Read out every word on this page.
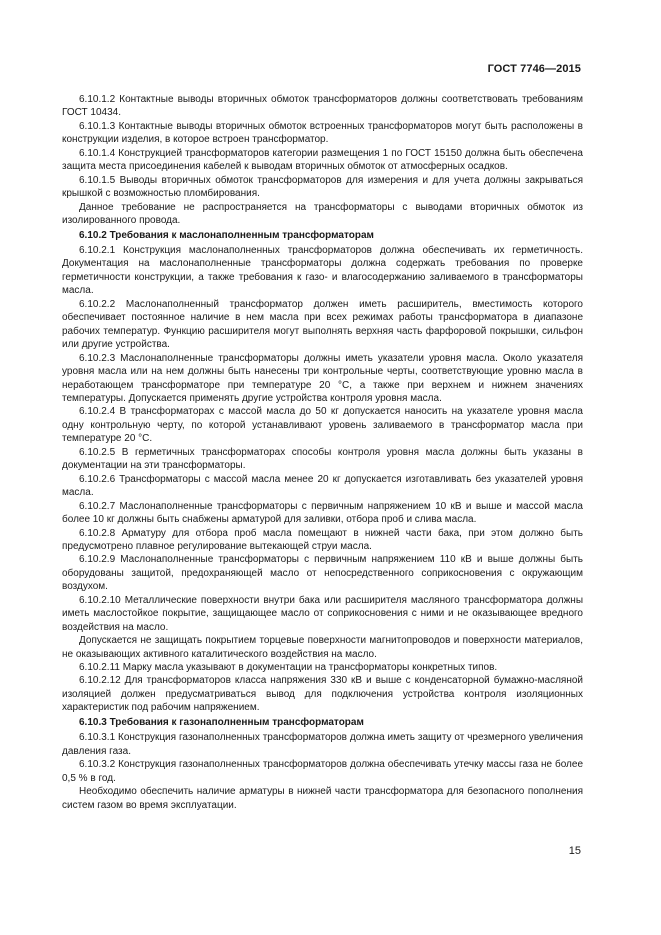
ГОСТ 7746—2015

6.10.1.2 Контактные выводы вторичных обмоток трансформаторов должны соответствовать требованиям ГОСТ 10434.

6.10.1.3 Контактные выводы вторичных обмоток встроенных трансформаторов могут быть расположены в конструкции изделия, в которое встроен трансформатор.

6.10.1.4 Конструкцией трансформаторов категории размещения 1 по ГОСТ 15150 должна быть обеспечена защита места присоединения кабелей к выводам вторичных обмоток от атмосферных осадков.

6.10.1.5 Выводы вторичных обмоток трансформаторов для измерения и для учета должны закрываться крышкой с возможностью пломбирования.

Данное требование не распространяется на трансформаторы с выводами вторичных обмоток из изолированного провода.

6.10.2 Требования к маслонаполненным трансформаторам

6.10.2.1 Конструкция маслонаполненных трансформаторов должна обеспечивать их герметичность. Документация на маслонаполненные трансформаторы должна содержать требования по проверке герметичности конструкции, а также требования к газо- и влагосодержанию заливаемого в трансформаторы масла.

6.10.2.2 Маслонаполненный трансформатор должен иметь расширитель, вместимость которого обеспечивает постоянное наличие в нем масла при всех режимах работы трансформатора в диапазоне рабочих температур. Функцию расширителя могут выполнять верхняя часть фарфоровой покрышки, сильфон или другие устройства.

6.10.2.3 Маслонаполненные трансформаторы должны иметь указатели уровня масла. Около указателя уровня масла или на нем должны быть нанесены три контрольные черты, соответствующие уровню масла в неработающем трансформаторе при температуре 20 °С, а также при верхнем и нижнем значениях температуры. Допускается применять другие устройства контроля уровня масла.

6.10.2.4 В трансформаторах с массой масла до 50 кг допускается наносить на указателе уровня масла одну контрольную черту, по которой устанавливают уровень заливаемого в трансформатор масла при температуре 20 °С.

6.10.2.5 В герметичных трансформаторах способы контроля уровня масла должны быть указаны в документации на эти трансформаторы.

6.10.2.6 Трансформаторы с массой масла менее 20 кг допускается изготавливать без указателей уровня масла.

6.10.2.7 Маслонаполненные трансформаторы с первичным напряжением 10 кВ и выше и массой масла более 10 кг должны быть снабжены арматурой для заливки, отбора проб и слива масла.

6.10.2.8 Арматуру для отбора проб масла помещают в нижней части бака, при этом должно быть предусмотрено плавное регулирование вытекающей струи масла.

6.10.2.9 Маслонаполненные трансформаторы с первичным напряжением 110 кВ и выше должны быть оборудованы защитой, предохраняющей масло от непосредственного соприкосновения с окружающим воздухом.

6.10.2.10 Металлические поверхности внутри бака или расширителя масляного трансформатора должны иметь маслостойкое покрытие, защищающее масло от соприкосновения с ними и не оказывающее вредного воздействия на масло.

Допускается не защищать покрытием торцевые поверхности магнитопроводов и поверхности материалов, не оказывающих активного каталитического воздействия на масло.

6.10.2.11 Марку масла указывают в документации на трансформаторы конкретных типов.

6.10.2.12 Для трансформаторов класса напряжения 330 кВ и выше с конденсаторной бумажно-масляной изоляцией должен предусматриваться вывод для подключения устройства контроля изоляционных характеристик под рабочим напряжением.

6.10.3 Требования к газонаполненным трансформаторам

6.10.3.1 Конструкция газонаполненных трансформаторов должна иметь защиту от чрезмерного увеличения давления газа.

6.10.3.2 Конструкция газонаполненных трансформаторов должна обеспечивать утечку массы газа не более 0,5 % в год.

Необходимо обеспечить наличие арматуры в нижней части трансформатора для безопасного пополнения систем газом во время эксплуатации.

15
